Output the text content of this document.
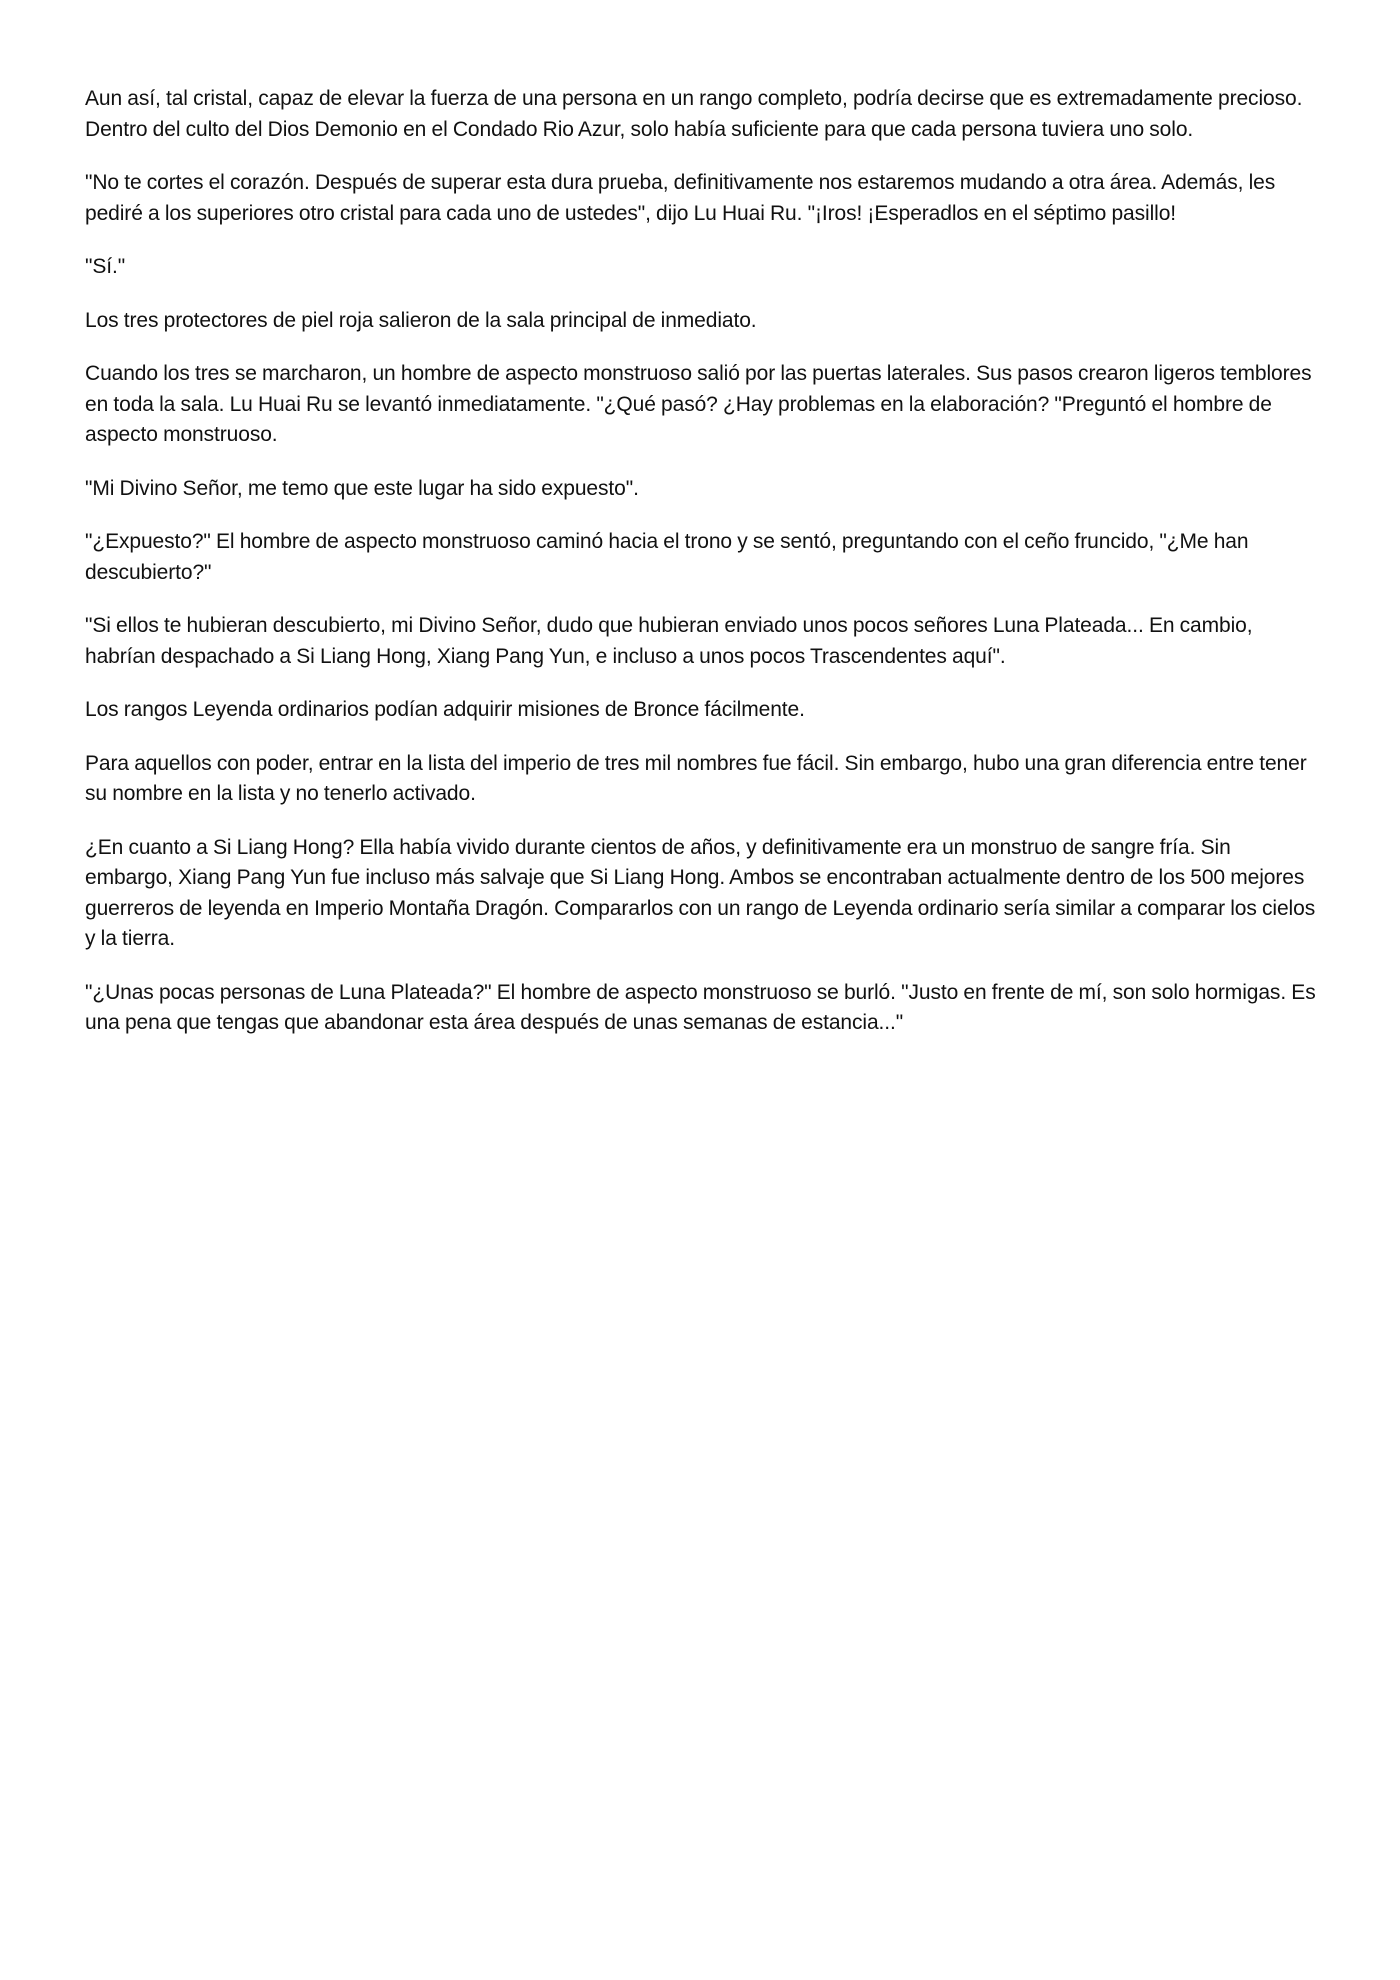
Aun así, tal cristal, capaz de elevar la fuerza de una persona en un rango completo, podría decirse que es extremadamente precioso. Dentro del culto del Dios Demonio en el Condado Rio Azur, solo había suficiente para que cada persona tuviera uno solo.

"No te cortes el corazón. Después de superar esta dura prueba, definitivamente nos estaremos mudando a otra área. Además, les pediré a los superiores otro cristal para cada uno de ustedes", dijo Lu Huai Ru. "¡Iros! ¡Esperadlos en el séptimo pasillo!

"Sí."

Los tres protectores de piel roja salieron de la sala principal de inmediato.

Cuando los tres se marcharon, un hombre de aspecto monstruoso salió por las puertas laterales. Sus pasos crearon ligeros temblores en toda la sala. Lu Huai Ru se levantó inmediatamente. "¿Qué pasó? ¿Hay problemas en la elaboración? "Preguntó el hombre de aspecto monstruoso.

"Mi Divino Señor, me temo que este lugar ha sido expuesto".

"¿Expuesto?" El hombre de aspecto monstruoso caminó hacia el trono y se sentó, preguntando con el ceño fruncido, "¿Me han descubierto?"

"Si ellos te hubieran descubierto, mi Divino Señor, dudo que hubieran enviado unos pocos señores Luna Plateada... En cambio, habrían despachado a Si Liang Hong, Xiang Pang Yun, e incluso a unos pocos Trascendentes aquí".

Los rangos Leyenda ordinarios podían adquirir misiones de Bronce fácilmente.

Para aquellos con poder, entrar en la lista del imperio de tres mil nombres fue fácil. Sin embargo, hubo una gran diferencia entre tener su nombre en la lista y no tenerlo activado.

¿En cuanto a Si Liang Hong? Ella había vivido durante cientos de años, y definitivamente era un monstruo de sangre fría. Sin embargo, Xiang Pang Yun fue incluso más salvaje que Si Liang Hong. Ambos se encontraban actualmente dentro de los 500 mejores guerreros de leyenda en Imperio Montaña Dragón. Compararlos con un rango de Leyenda ordinario sería similar a comparar los cielos y la tierra.

"¿Unas pocas personas de Luna Plateada?" El hombre de aspecto monstruoso se burló. "Justo en frente de mí, son solo hormigas. Es una pena que tengas que abandonar esta área después de unas semanas de estancia..."
